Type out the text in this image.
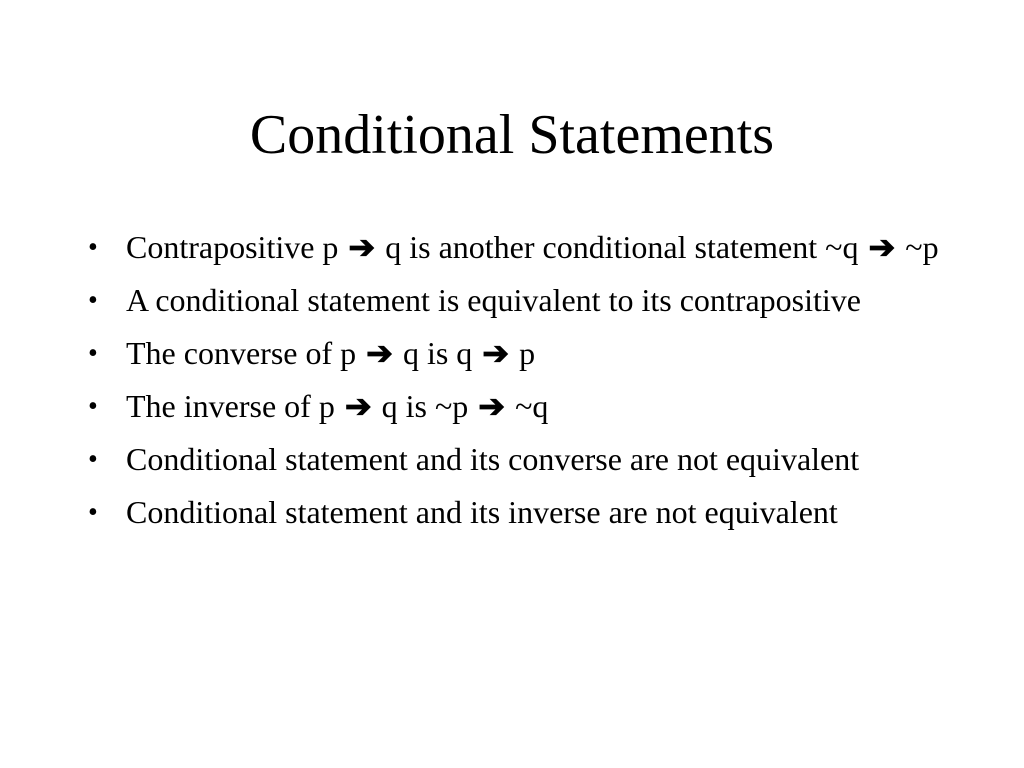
Conditional Statements
• Contrapositive p ➔ q is another conditional statement ~q ➔ ~p
• A conditional statement is equivalent to its contrapositive
• The converse of p ➔ q is q ➔ p
• The inverse of p ➔ q is ~p ➔ ~q
• Conditional statement and its converse are not equivalent
• Conditional statement and its inverse are not equivalent
